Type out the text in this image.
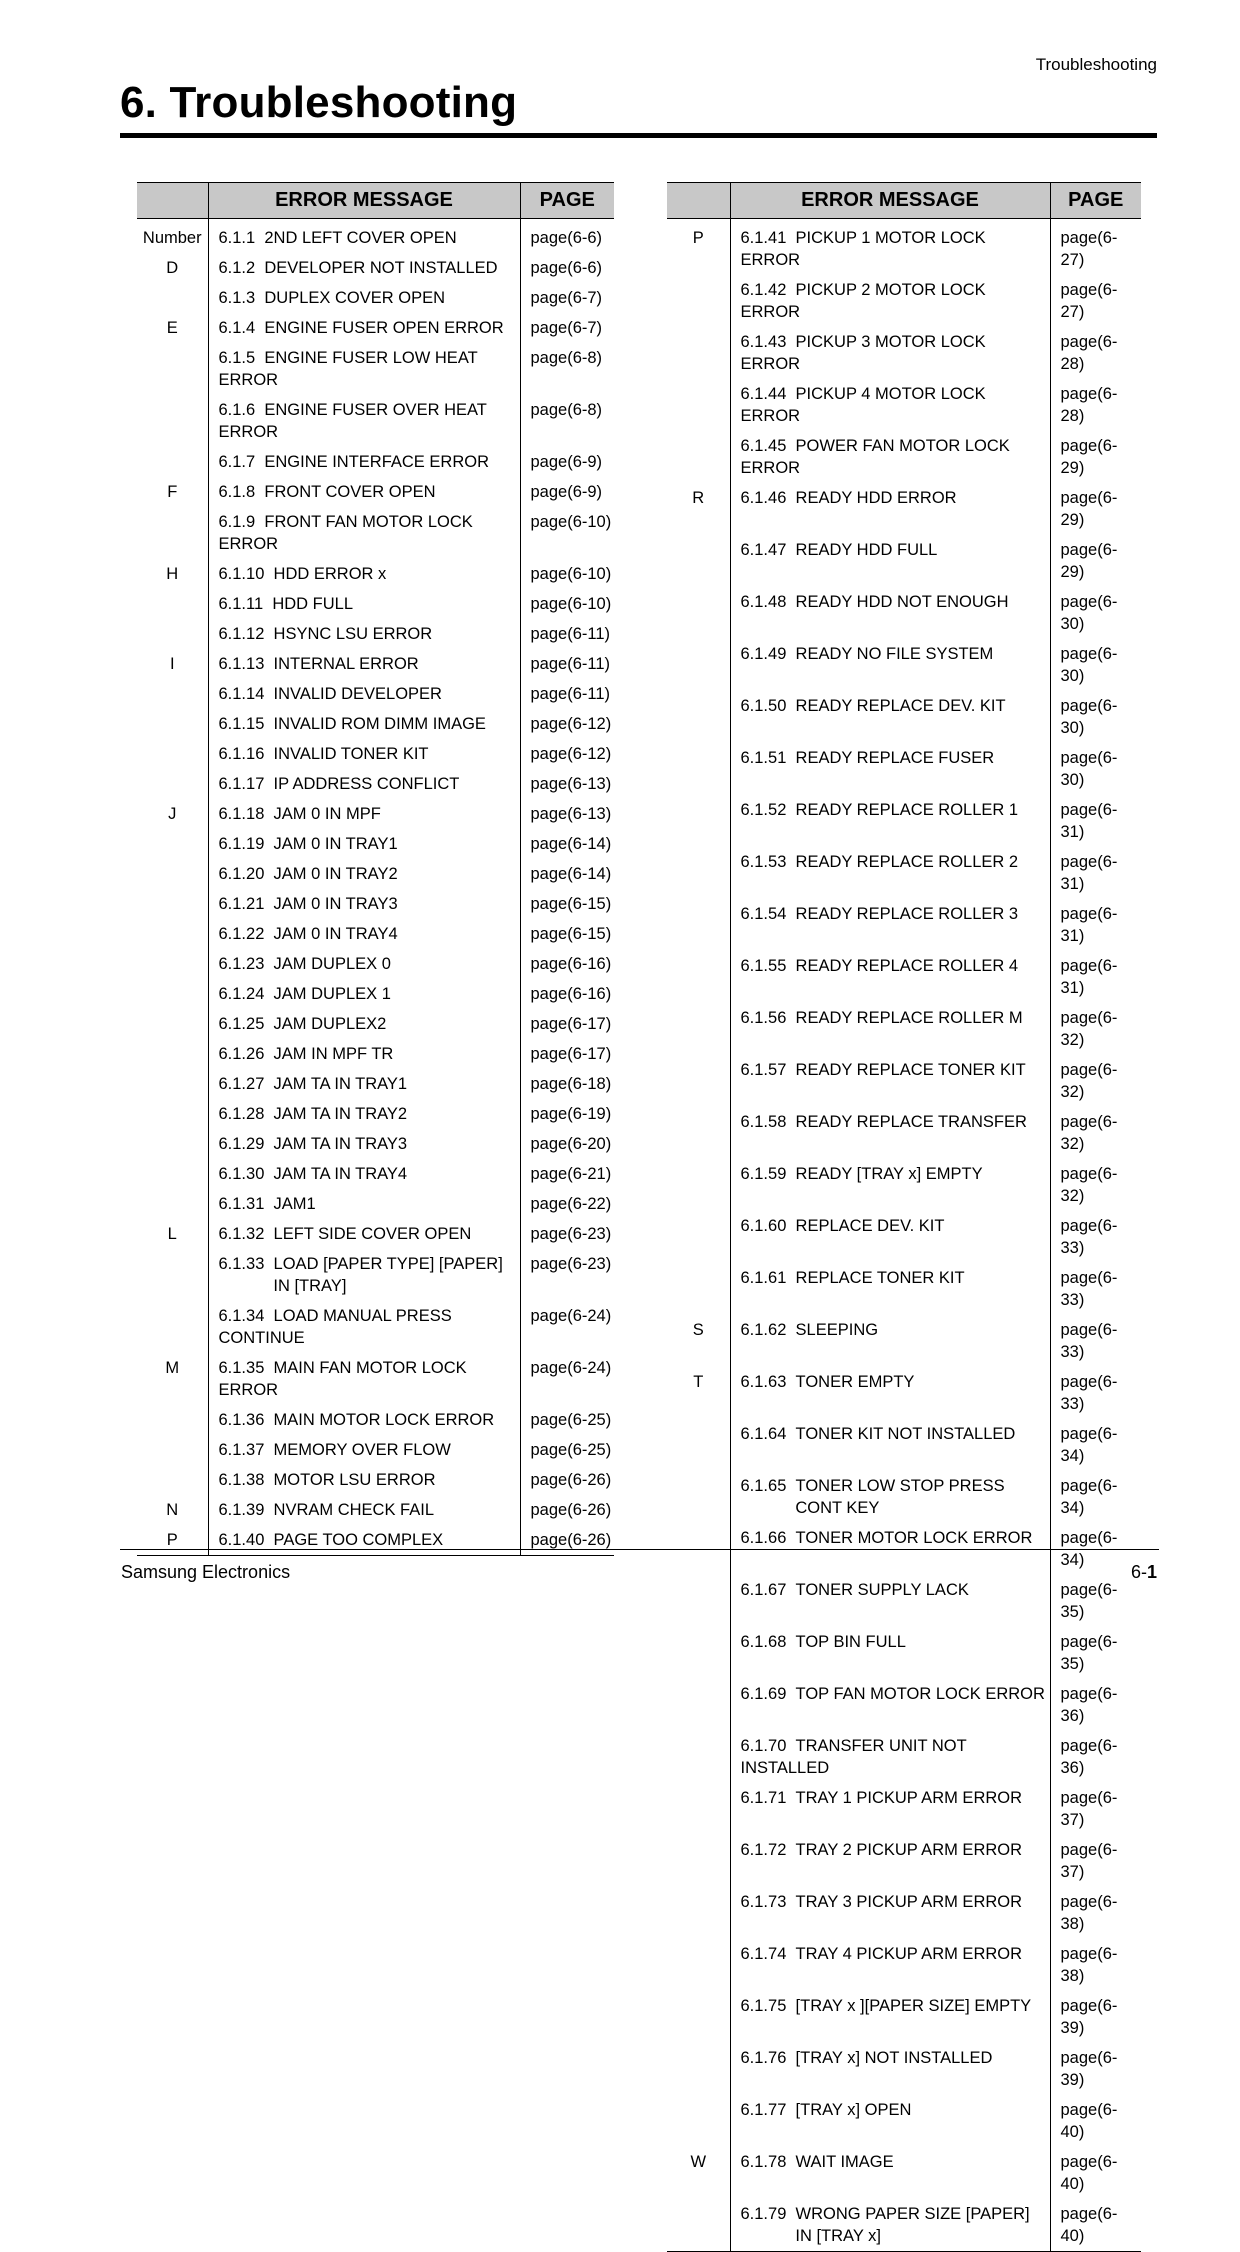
Troubleshooting
6. Troubleshooting
	ERROR MESSAGE	PAGE
Number	6.1.1 2ND LEFT COVER OPEN	page(6-6)
D	6.1.2 DEVELOPER NOT INSTALLED	page(6-6)
	6.1.3 DUPLEX COVER OPEN	page(6-7)
E	6.1.4 ENGINE FUSER OPEN ERROR	page(6-7)
	6.1.5 ENGINE FUSER LOW HEAT ERROR	page(6-8)
	6.1.6 ENGINE FUSER OVER HEAT ERROR	page(6-8)
	6.1.7 ENGINE INTERFACE ERROR	page(6-9)
F	6.1.8 FRONT COVER OPEN	page(6-9)
	6.1.9 FRONT FAN MOTOR LOCK ERROR	page(6-10)
H	6.1.10 HDD ERROR x	page(6-10)
	6.1.11 HDD FULL	page(6-10)
	6.1.12 HSYNC LSU ERROR	page(6-11)
I	6.1.13 INTERNAL ERROR	page(6-11)
	6.1.14 INVALID DEVELOPER	page(6-11)
	6.1.15 INVALID ROM DIMM IMAGE	page(6-12)
	6.1.16 INVALID TONER KIT	page(6-12)
	6.1.17 IP ADDRESS CONFLICT	page(6-13)
J	6.1.18 JAM 0 IN MPF	page(6-13)
	6.1.19 JAM 0 IN TRAY1	page(6-14)
	6.1.20 JAM 0 IN TRAY2	page(6-14)
	6.1.21 JAM 0 IN TRAY3	page(6-15)
	6.1.22 JAM 0 IN TRAY4	page(6-15)
	6.1.23 JAM DUPLEX 0	page(6-16)
	6.1.24 JAM DUPLEX 1	page(6-16)
	6.1.25 JAM DUPLEX2	page(6-17)
	6.1.26 JAM IN MPF TR	page(6-17)
	6.1.27 JAM TA IN TRAY1	page(6-18)
	6.1.28 JAM TA IN TRAY2	page(6-19)
	6.1.29 JAM TA IN TRAY3	page(6-20)
	6.1.30 JAM TA IN TRAY4	page(6-21)
	6.1.31 JAM1	page(6-22)
L	6.1.32 LEFT SIDE COVER OPEN	page(6-23)
	6.1.33 LOAD [PAPER TYPE] [PAPER]
IN [TRAY]	page(6-23)
	6.1.34 LOAD MANUAL PRESS CONTINUE	page(6-24)
M	6.1.35 MAIN FAN MOTOR LOCK ERROR	page(6-24)
	6.1.36 MAIN MOTOR LOCK ERROR	page(6-25)
	6.1.37 MEMORY OVER FLOW	page(6-25)
	6.1.38 MOTOR LSU ERROR	page(6-26)
N	6.1.39 NVRAM CHECK FAIL	page(6-26)
P	6.1.40 PAGE TOO COMPLEX	page(6-26)
	ERROR MESSAGE	PAGE
P	6.1.41 PICKUP 1 MOTOR LOCK ERROR	page(6-27)
	6.1.42 PICKUP 2 MOTOR LOCK ERROR	page(6-27)
	6.1.43 PICKUP 3 MOTOR LOCK ERROR	page(6-28)
	6.1.44 PICKUP 4 MOTOR LOCK ERROR	page(6-28)
	6.1.45 POWER FAN MOTOR LOCK ERROR	page(6-29)
R	6.1.46 READY HDD ERROR	page(6-29)
	6.1.47 READY HDD FULL	page(6-29)
	6.1.48 READY HDD NOT ENOUGH	page(6-30)
	6.1.49 READY NO FILE SYSTEM	page(6-30)
	6.1.50 READY REPLACE DEV. KIT	page(6-30)
	6.1.51 READY REPLACE FUSER	page(6-30)
	6.1.52 READY REPLACE ROLLER 1	page(6-31)
	6.1.53 READY REPLACE ROLLER 2	page(6-31)
	6.1.54 READY REPLACE ROLLER 3	page(6-31)
	6.1.55 READY REPLACE ROLLER 4	page(6-31)
	6.1.56 READY REPLACE ROLLER M	page(6-32)
	6.1.57 READY REPLACE TONER KIT	page(6-32)
	6.1.58 READY REPLACE TRANSFER	page(6-32)
	6.1.59 READY [TRAY x] EMPTY	page(6-32)
	6.1.60 REPLACE DEV. KIT	page(6-33)
	6.1.61 REPLACE TONER KIT	page(6-33)
S	6.1.62 SLEEPING	page(6-33)
T	6.1.63 TONER EMPTY	page(6-33)
	6.1.64 TONER KIT NOT INSTALLED	page(6-34)
	6.1.65 TONER LOW STOP PRESS
CONT KEY	page(6-34)
	6.1.66 TONER MOTOR LOCK ERROR	page(6-34)
	6.1.67 TONER SUPPLY LACK	page(6-35)
	6.1.68 TOP BIN FULL	page(6-35)
	6.1.69 TOP FAN MOTOR LOCK ERROR	page(6-36)
	6.1.70 TRANSFER UNIT NOT INSTALLED	page(6-36)
	6.1.71 TRAY 1 PICKUP ARM ERROR	page(6-37)
	6.1.72 TRAY 2 PICKUP ARM ERROR	page(6-37)
	6.1.73 TRAY 3 PICKUP ARM ERROR	page(6-38)
	6.1.74 TRAY 4 PICKUP ARM ERROR	page(6-38)
	6.1.75 [TRAY x ][PAPER SIZE] EMPTY	page(6-39)
	6.1.76 [TRAY x] NOT INSTALLED	page(6-39)
	6.1.77 [TRAY x] OPEN	page(6-40)
W	6.1.78 WAIT IMAGE	page(6-40)
	6.1.79 WRONG PAPER SIZE [PAPER]
IN [TRAY x]	page(6-40)
Samsung Electronics	6-1
